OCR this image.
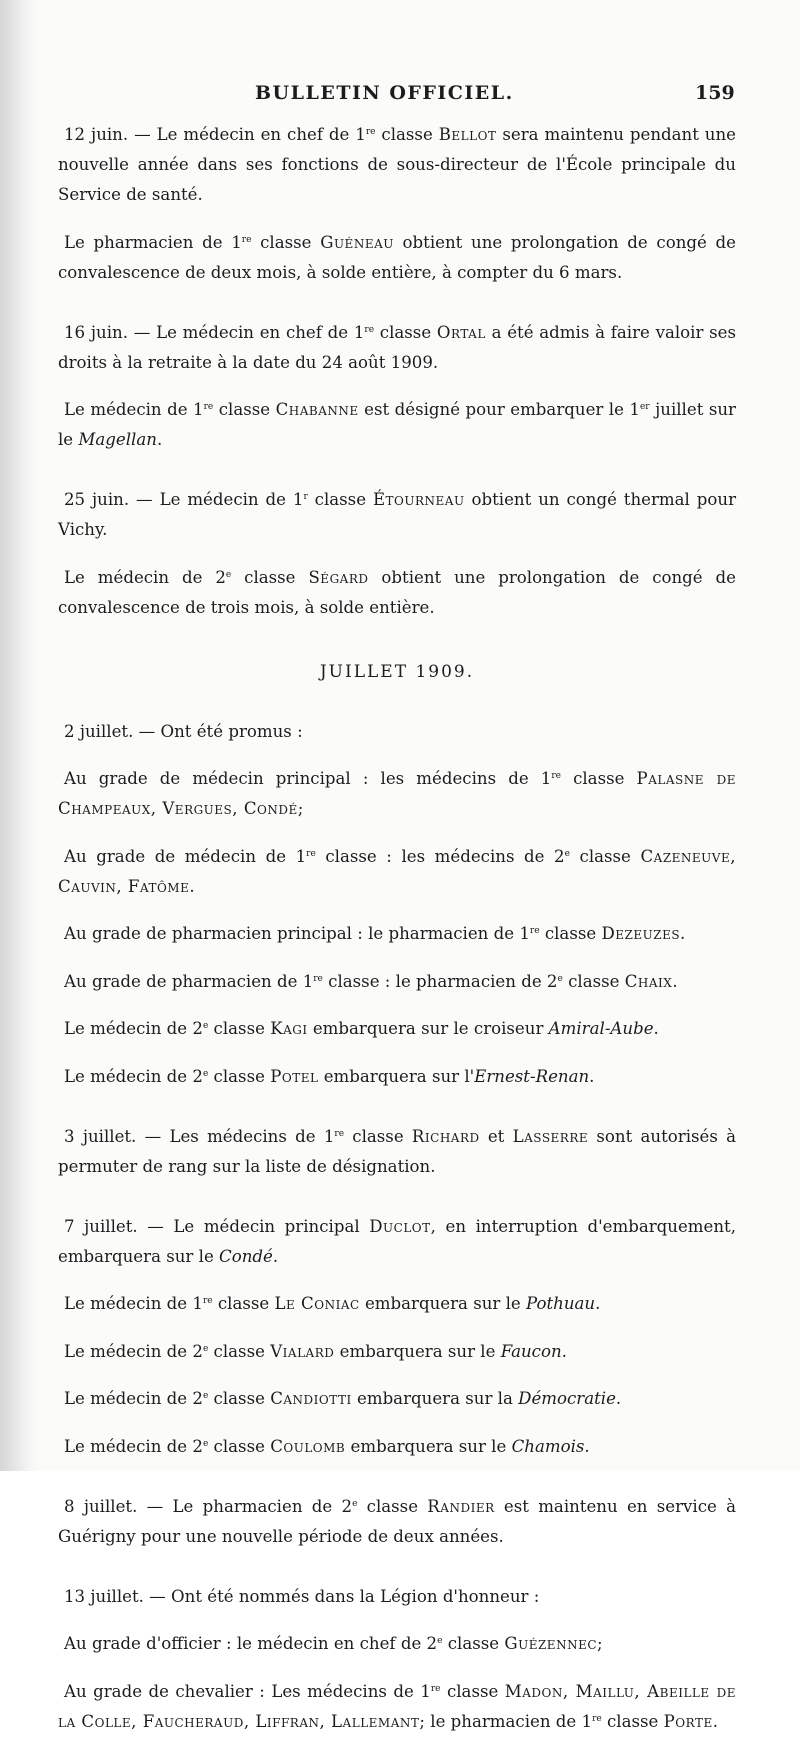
BULLETIN OFFICIEL.	159

12 juin. — Le médecin en chef de 1re classe Bellot sera maintenu pendant une nouvelle année dans ses fonctions de sous-directeur de l'École principale du Service de santé.

Le pharmacien de 1re classe Guéneau obtient une prolongation de congé de convalescence de deux mois, à solde entière, à compter du 6 mars.

16 juin. — Le médecin en chef de 1re classe Ortal a été admis à faire valoir ses droits à la retraite à la date du 24 août 1909.

Le médecin de 1re classe Chabanne est désigné pour embarquer le 1er juillet sur le Magellan.

25 juin. — Le médecin de 1$^r$ classe Étourneau obtient un congé thermal pour Vichy.

Le médecin de 2e classe Ségard obtient une prolongation de congé de convalescence de trois mois, à solde entière.

JUILLET 1909.

2 juillet. — Ont été promus :

Au grade de médecin principal : les médecins de 1re classe Palasne de Champeaux, Vergues, Condé;

Au grade de médecin de 1re classe : les médecins de 2e classe Cazeneuve, Cauvin, Fatôme.

Au grade de pharmacien principal : le pharmacien de 1re classe Dezeuzes.

Au grade de pharmacien de 1re classe : le pharmacien de 2e classe Chaix.

Le médecin de 2e classe Kagi embarquera sur le croiseur Amiral-Aube.

Le médecin de 2e classe Potel embarquera sur l'Ernest-Renan.

3 juillet. — Les médecins de 1re classe Richard et Lasserre sont autorisés à permuter de rang sur la liste de désignation.

7 juillet. — Le médecin principal Duclot, en interruption d'embarquement, embarquera sur le Condé.

Le médecin de 1re classe Le Coniac embarquera sur le Pothuau.

Le médecin de 2e classe Vialard embarquera sur le Faucon.

Le médecin de 2e classe Candiotti embarquera sur la Démocratie.

Le médecin de 2e classe Coulomb embarquera sur le Chamois.

8 juillet. — Le pharmacien de 2e classe Randier est maintenu en service à Guérigny pour une nouvelle période de deux années.

13 juillet. — Ont été nommés dans la Légion d'honneur :

Au grade d'officier : le médecin en chef de 2e classe Guézennec;

Au grade de chevalier : Les médecins de 1re classe Madon, Maillu, Abeille de la Colle, Faucheraud, Liffran, Lallemant; le pharmacien de 1re classe Porte.
